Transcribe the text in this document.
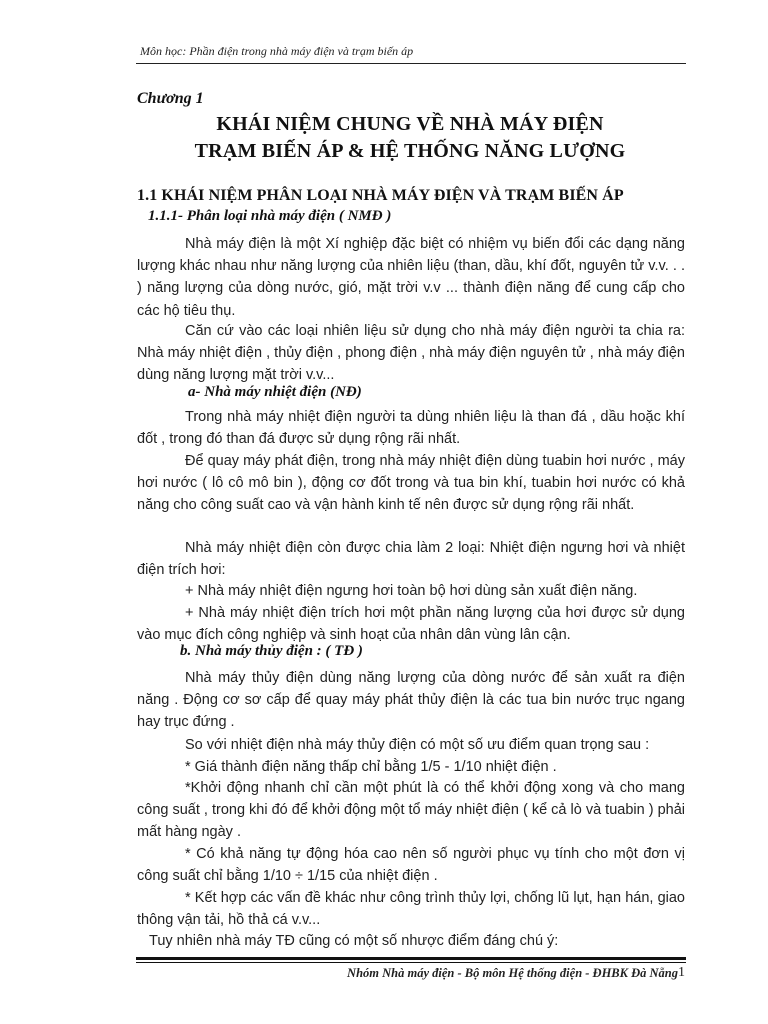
Môn học: Phần điện trong nhà máy điện và trạm biến áp
Chương 1
KHÁI NIỆM CHUNG VỀ NHÀ MÁY ĐIỆN
TRẠM BIẾN ÁP & HỆ THỐNG NĂNG LƯỢNG
1.1 KHÁI NIỆM PHÂN LOẠI NHÀ MÁY ĐIỆN VÀ TRẠM BIẾN ÁP
1.1.1- Phân loại nhà máy điện ( NMĐ )

Nhà máy điện là một Xí nghiệp đặc biệt có nhiệm vụ biến đổi các dạng năng lượng khác nhau như năng lượng của nhiên liệu (than, dầu, khí đốt, nguyên tử v.v. . . ) năng lượng của dòng nước, gió, mặt trời v.v ... thành điện năng để cung cấp cho các hộ tiêu thụ.

Căn cứ vào các loại nhiên liệu sử dụng cho nhà máy điện người ta chia ra: Nhà máy nhiệt điện , thủy điện , phong điện , nhà máy điện nguyên tử , nhà máy điện dùng năng lượng mặt trời v.v...

a- Nhà máy nhiệt điện (NĐ)

Trong nhà máy nhiệt điện người ta dùng nhiên liệu là than đá , dầu hoặc khí đốt , trong đó than đá được sử dụng rộng rãi nhất.

Để quay máy phát điện, trong nhà máy nhiệt điện dùng tuabin hơi nước , máy hơi nước ( lô cô mô bin ), động cơ đốt trong và tua bin khí, tuabin hơi nước có khả năng cho công suất cao và vận hành kinh tế nên được sử dụng rộng rãi nhất.

Nhà máy nhiệt điện còn được chia làm 2 loại: Nhiệt điện ngưng hơi và nhiệt điện trích hơi:

+ Nhà máy nhiệt điện ngưng hơi toàn bộ hơi dùng sản xuất điện năng.

+ Nhà máy nhiệt điện trích hơi một phần năng lượng của hơi được sử dụng vào mục đích công nghiệp và sinh hoạt của nhân dân vùng lân cận.

b. Nhà máy thủy điện : ( TĐ )

Nhà máy thủy điện dùng năng lượng của dòng nước để sản xuất ra điện năng . Động cơ sơ cấp để quay máy phát thủy điện là các tua bin nước trục ngang hay trục đứng .

So với nhiệt điện nhà máy thủy điện có một số ưu điểm quan trọng sau :

* Giá thành điện năng thấp chỉ bằng 1/5 - 1/10 nhiệt điện .

*Khởi động nhanh chỉ cần một phút là có thể khởi động xong và cho mang công suất , trong khi đó để khởi động một tổ máy nhiệt điện ( kể cả lò và tuabin ) phải mất hàng ngày .

* Có khả năng tự động hóa cao nên số người phục vụ tính cho một đơn vị công suất chỉ bằng 1/10 ÷ 1/15 của nhiệt điện .

* Kết hợp các vấn đề khác như công trình thủy lợi, chống lũ lụt, hạn hán, giao thông vận tải, hồ thả cá v.v...

Tuy nhiên nhà máy TĐ cũng có một số nhược điểm đáng chú ý:

Nhóm Nhà máy điện - Bộ môn Hệ thống điện - ĐHBK Đà Nẵng 1
